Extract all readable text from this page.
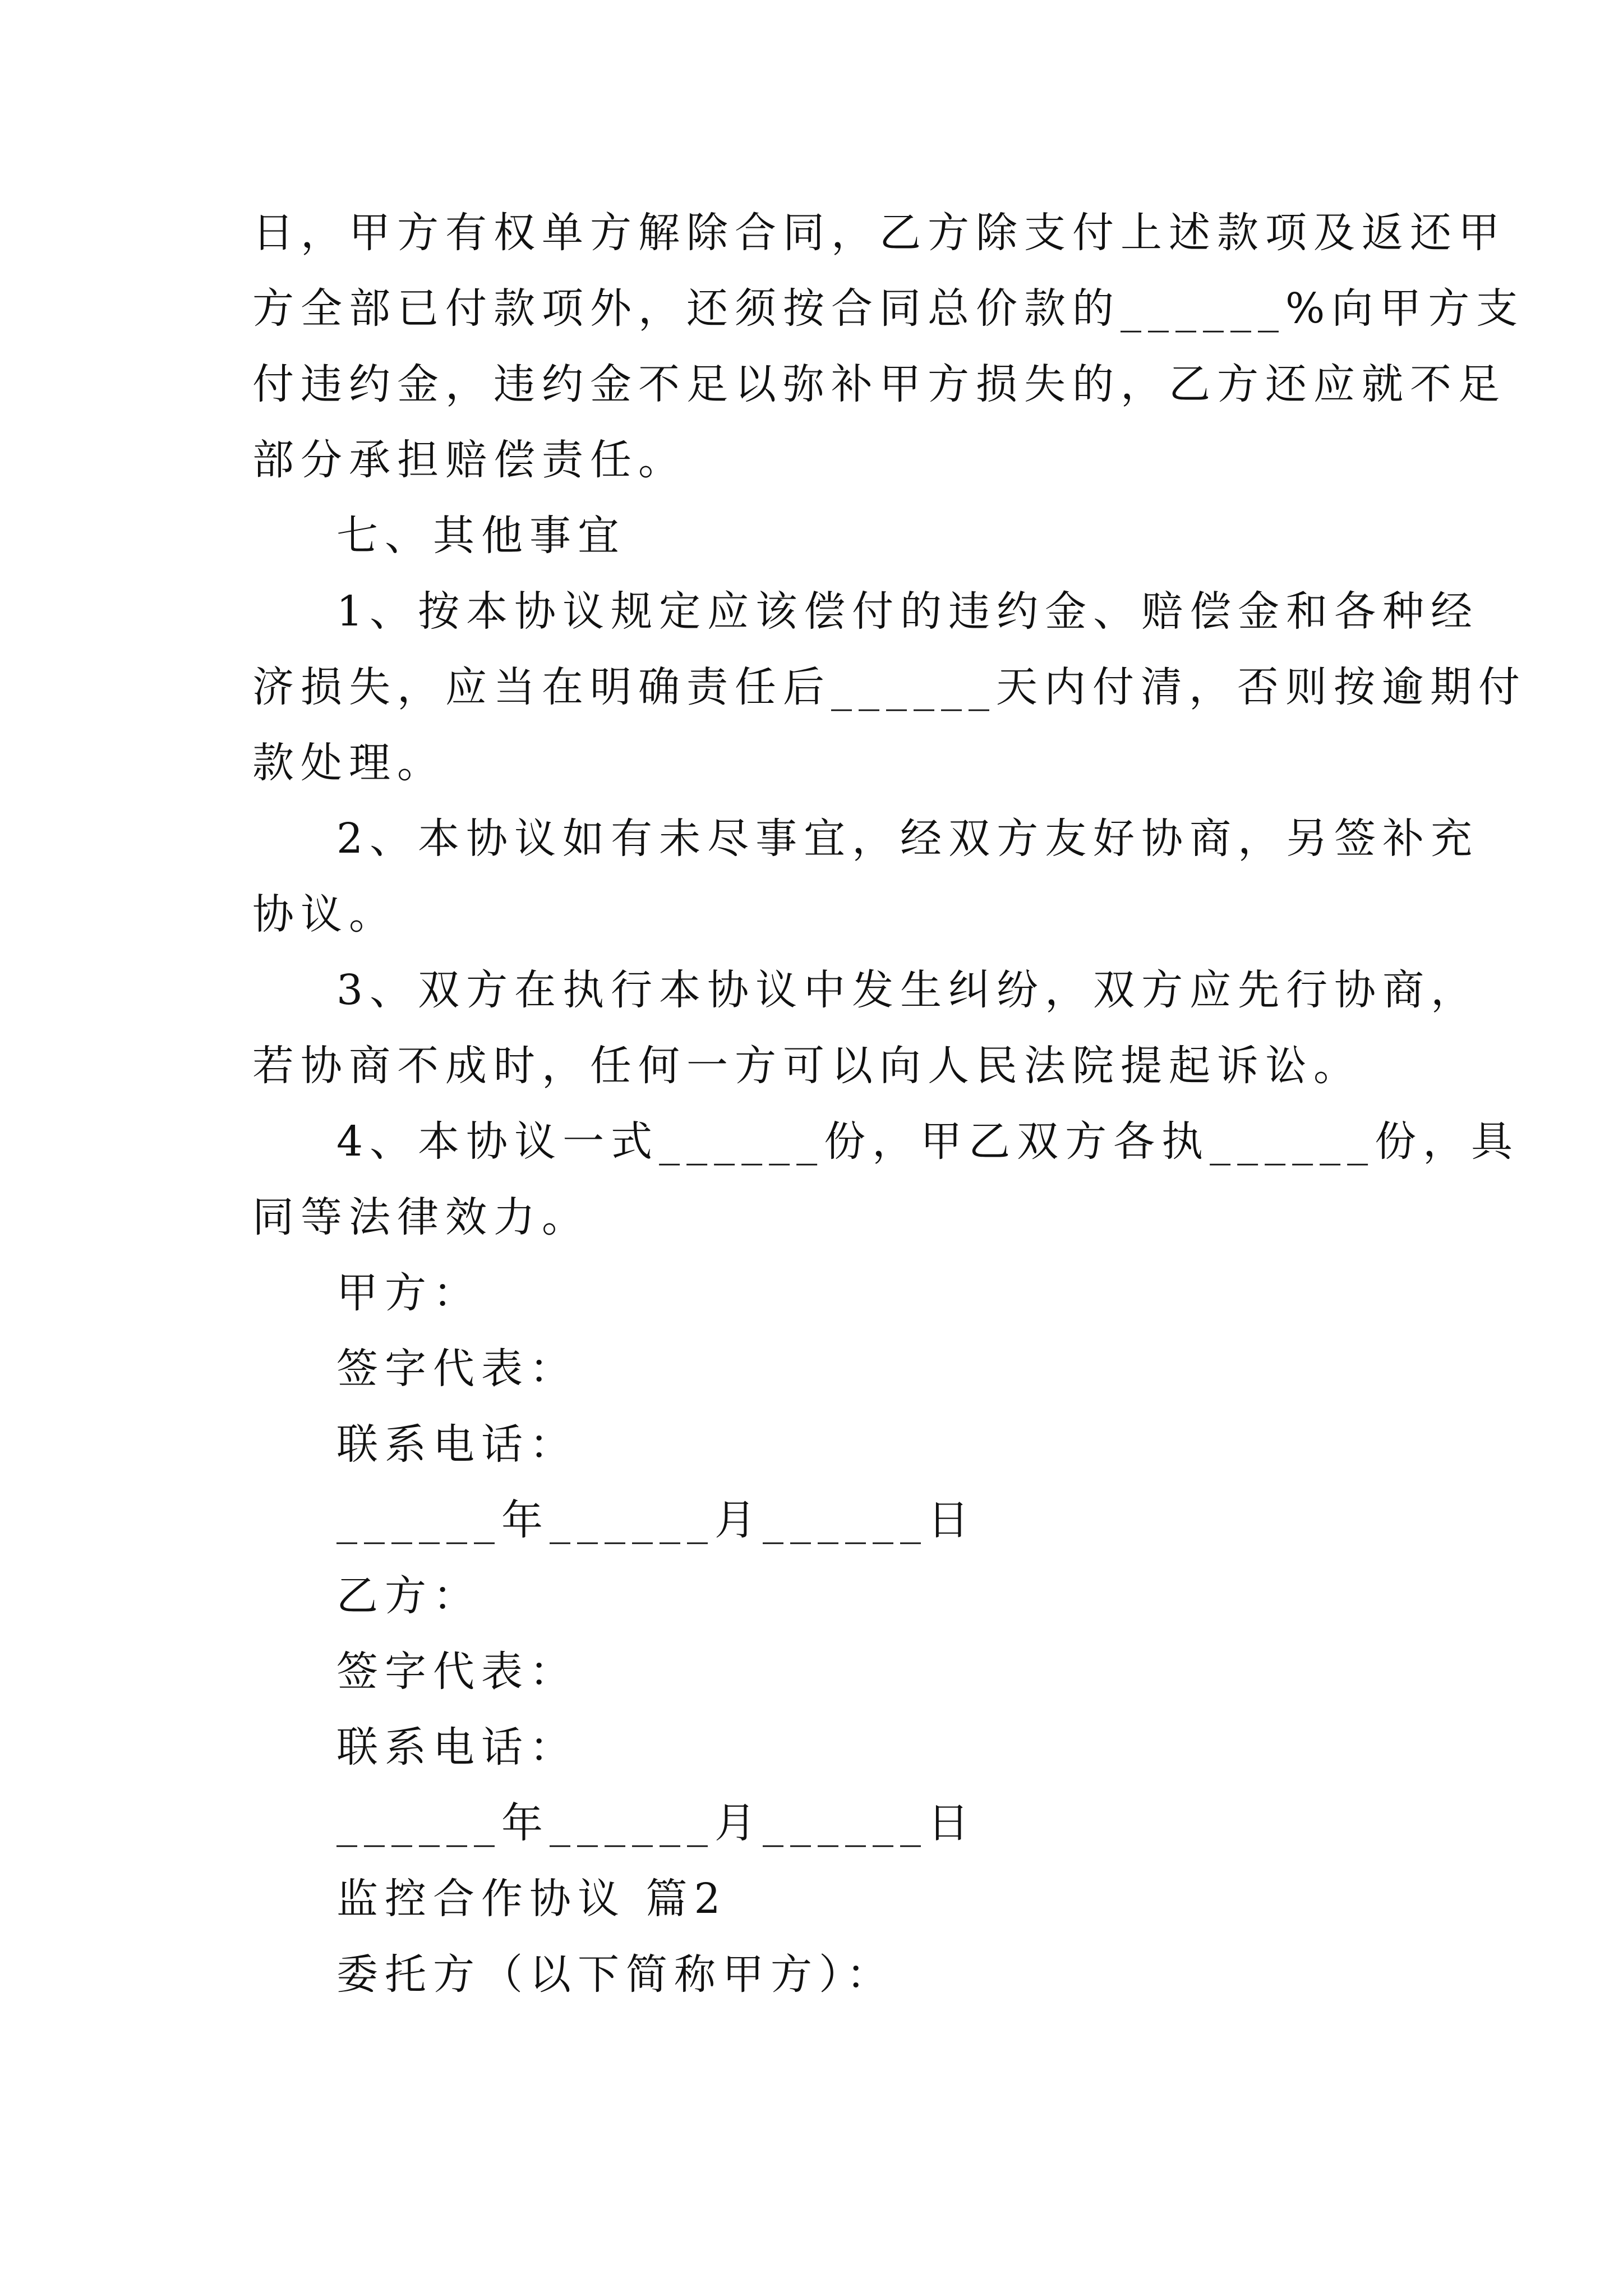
日，甲方有权单方解除合同，乙方除支付上述款项及返还甲
方全部已付款项外，还须按合同总价款的______%向甲方支
付违约金，违约金不足以弥补甲方损失的，乙方还应就不足
部分承担赔偿责任。
七、其他事宜
1、按本协议规定应该偿付的违约金、赔偿金和各种经
济损失，应当在明确责任后______天内付清，否则按逾期付
款处理。
2、本协议如有未尽事宜，经双方友好协商，另签补充
协议。
3、双方在执行本协议中发生纠纷，双方应先行协商，
若协商不成时，任何一方可以向人民法院提起诉讼。
4、本协议一式______份，甲乙双方各执______份，具
同等法律效力。
甲方：
签字代表：
联系电话：
______年______月______日
乙方：
签字代表：
联系电话：
______年______月______日
监控合作协议 篇2
委托方（以下简称甲方）：
